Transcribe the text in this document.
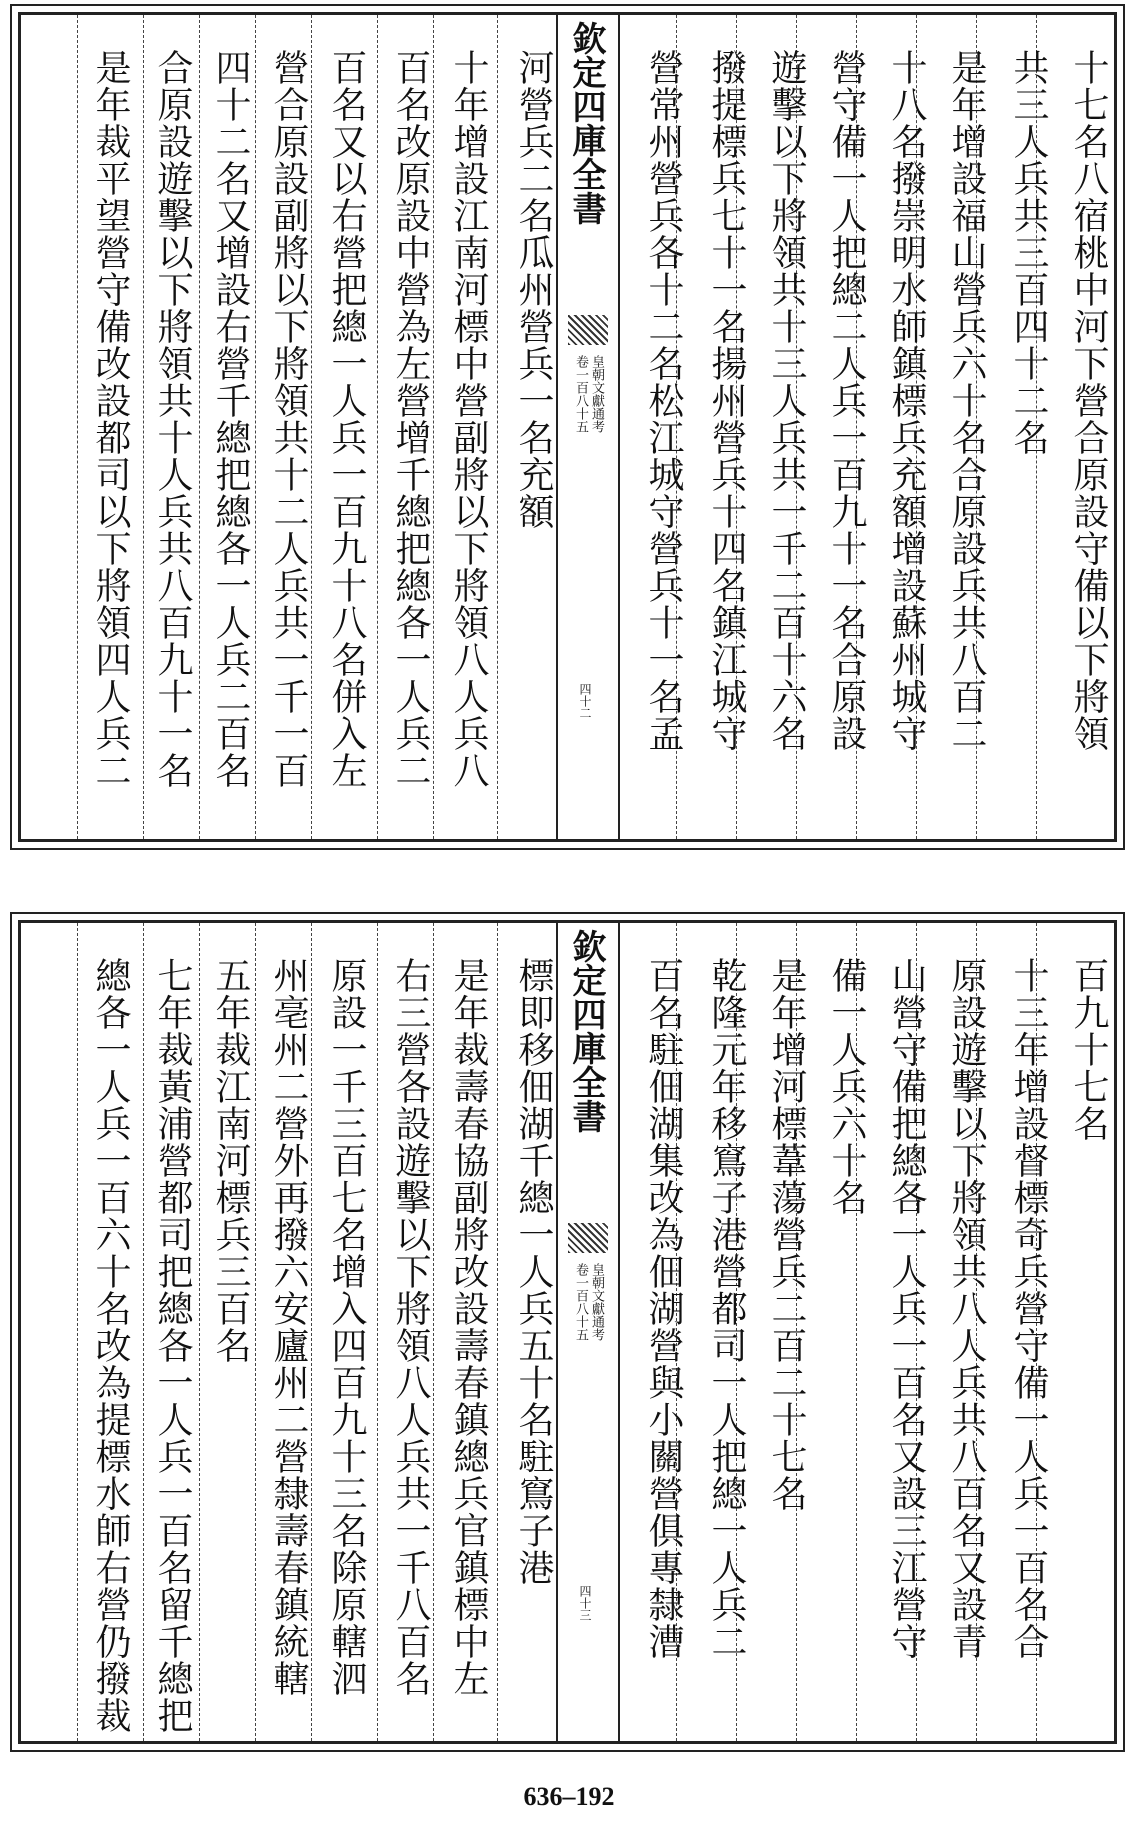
欽定四庫全書
皇朝文獻通考
卷一百八十五
四十二	十七名八宿桃中河下營合原設守備以下將領
共三人兵共三百四十二名
是年增設福山營兵六十名合原設兵共八百二
十八名撥崇明水師鎮標兵充額增設蘇州城守
營守備一人把總二人兵一百九十一名合原設
遊擊以下將領共十三人兵共一千二百十六名
撥提標兵七十一名揚州營兵十四名鎮江城守
營常州營兵各十二名松江城守營兵十一名孟
河營兵二名瓜州營兵一名充額
十年增設江南河標中營副將以下將領八人兵八
百名改原設中營為左營增千總把總各一人兵二
百名又以右營把總一人兵一百九十八名併入左
營合原設副將以下將領共十二人兵共一千一百
四十二名又增設右營千總把總各一人兵二百名
合原設遊擊以下將領共十人兵共八百九十一名
是年裁平望營守備改設都司以下將領四人兵二
欽定四庫全書
皇朝文獻通考
卷一百八十五
四十三
百九十七名
十三年增設督標奇兵營守備一人兵一百名合
原設遊擊以下將領共八人兵共八百名又設青
山營守備把總各一人兵一百名又設三江營守
備一人兵六十名
是年增河標葦蕩營兵二百二十七名
乾隆元年移窵子港營都司一人把總一人兵二
百名駐佃湖集改為佃湖營與小關營俱專隸漕
標即移佃湖千總一人兵五十名駐窵子港
是年裁壽春協副將改設壽春鎮總兵官鎮標中左
右三營各設遊擊以下將領八人兵共一千八百名
原設一千三百七名增入四百九十三名除原轄泗
州亳州二營外再撥六安廬州二營隸壽春鎮統轄
五年裁江南河標兵三百名
七年裁黃浦營都司把總各一人兵一百名留千總把
總各一人兵一百六十名改為提標水師右營仍撥裁
636–192
